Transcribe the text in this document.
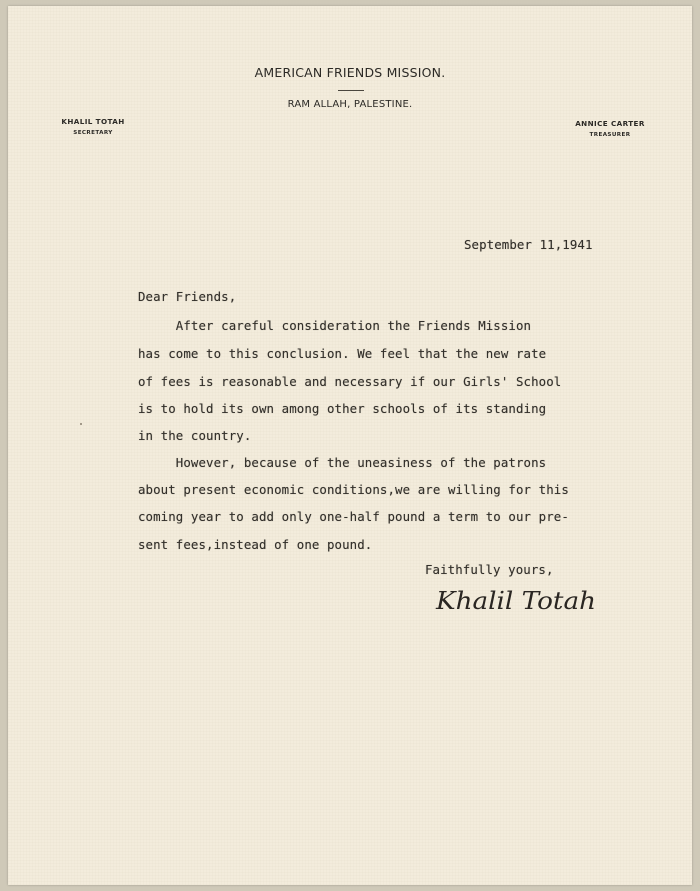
AMERICAN FRIENDS MISSION.
RAM ALLAH, PALESTINE.
KHALIL TOTAH
SECRETARY
ANNICE CARTER
TREASURER
September 11,1941
Dear Friends,
After careful consideration the Friends Mission
has come to this conclusion. We feel that the new rate
of fees is reasonable and necessary if our Girls' School
is to hold its own among other schools of its standing
in the country.
However, because of the uneasiness of the patrons
about present economic conditions,we are willing for this
coming year to add only one-half pound a term to our pre-
sent fees,instead of one pound.
Faithfully yours,
Khalil Totah
